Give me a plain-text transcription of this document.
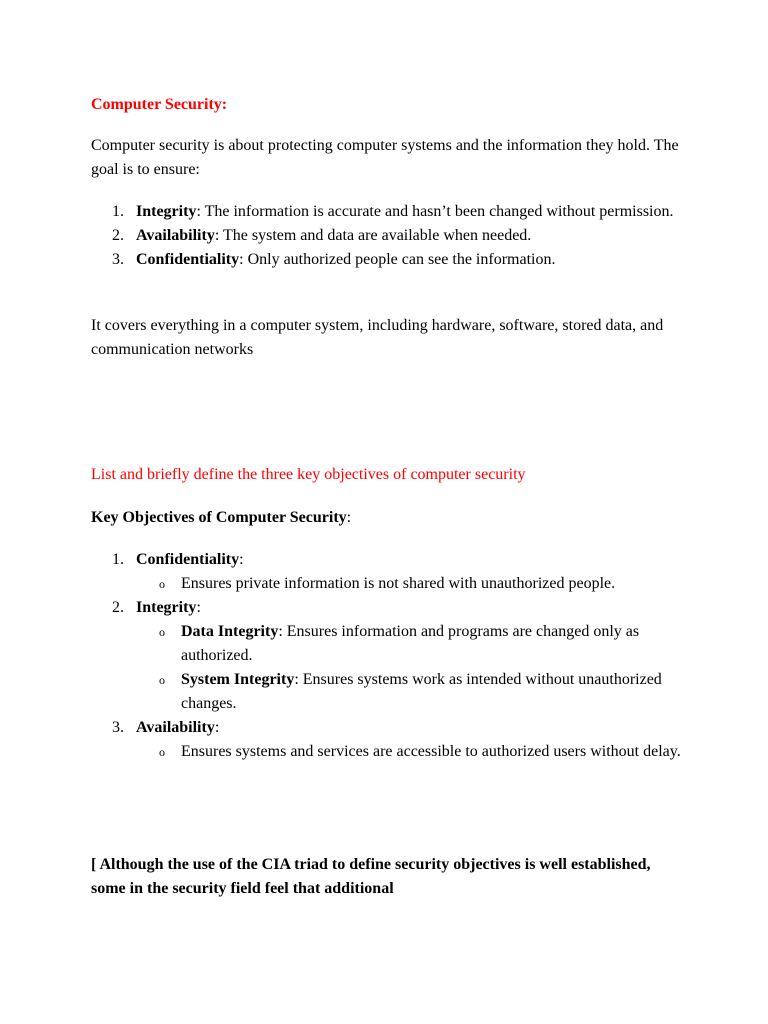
Computer Security:
Computer security is about protecting computer systems and the information they hold. The goal is to ensure:
1. Integrity: The information is accurate and hasn’t been changed without permission.
2. Availability: The system and data are available when needed.
3. Confidentiality: Only authorized people can see the information.
It covers everything in a computer system, including hardware, software, stored data, and communication networks
List and briefly define the three key objectives of computer security
Key Objectives of Computer Security:
1. Confidentiality:
o Ensures private information is not shared with unauthorized people.
2. Integrity:
o Data Integrity: Ensures information and programs are changed only as authorized.
o System Integrity: Ensures systems work as intended without unauthorized changes.
3. Availability:
o Ensures systems and services are accessible to authorized users without delay.
[ Although the use of the CIA triad to define security objectives is well established, some in the security field feel that additional
